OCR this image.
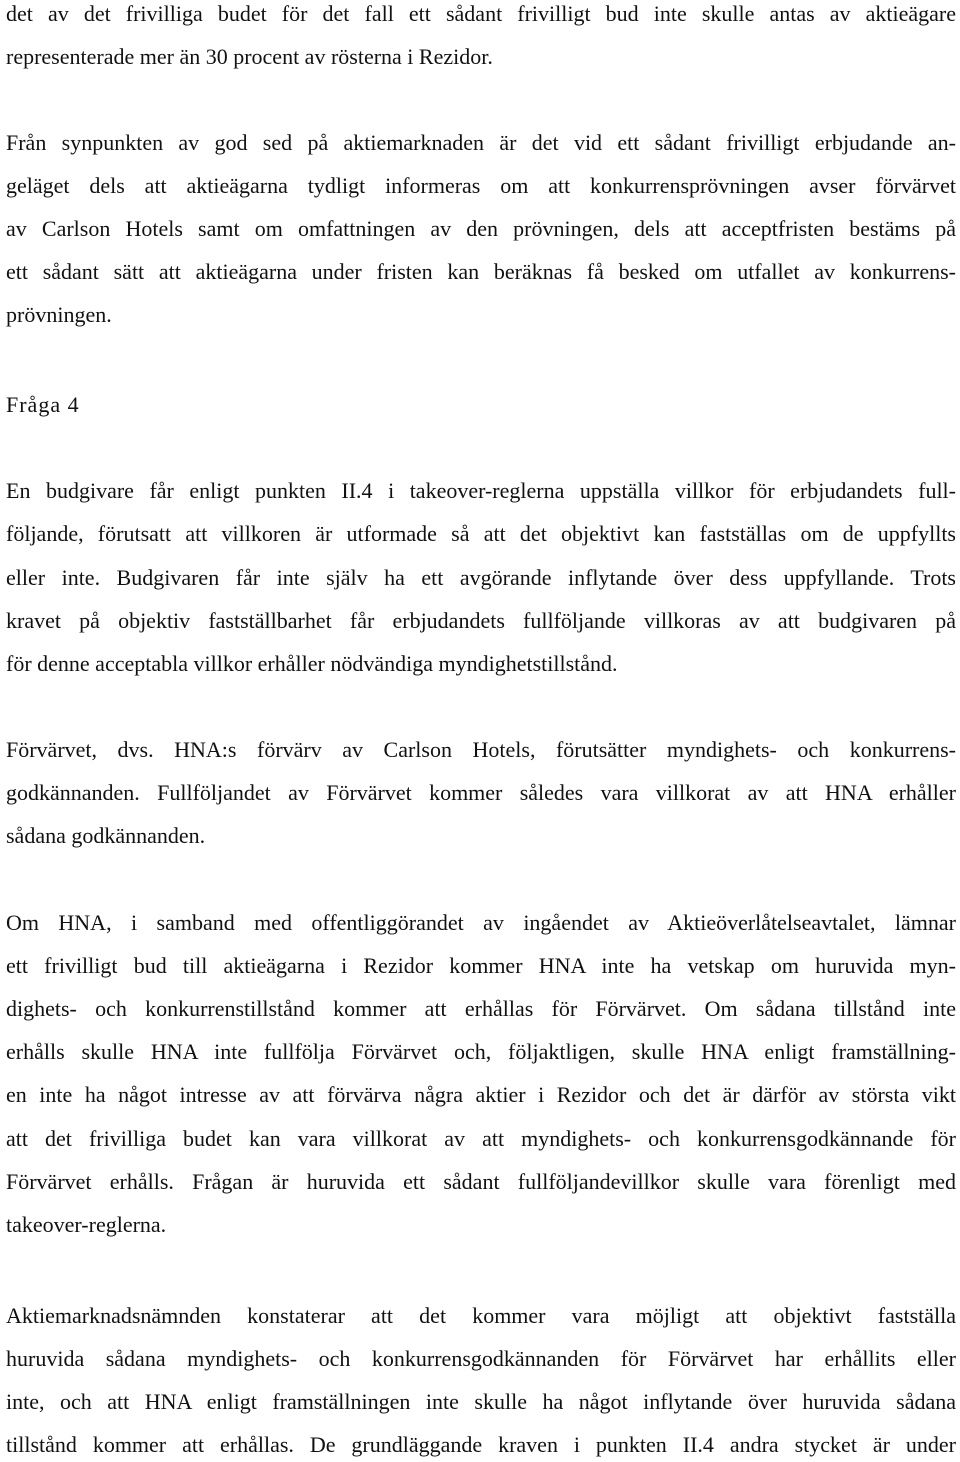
det av det frivilliga budet för det fall ett sådant frivilligt bud inte skulle antas av aktieägare
representerade mer än 30 procent av rösterna i Rezidor.
Från synpunkten av god sed på aktiemarknaden är det vid ett sådant frivilligt erbjudande an-
geläget dels att aktieägarna tydligt informeras om att konkurrensprövningen avser förvärvet
av Carlson Hotels samt om omfattningen av den prövningen, dels att acceptfristen bestäms på
ett sådant sätt att aktieägarna under fristen kan beräknas få besked om utfallet av konkurrens-
prövningen.
Fråga 4
En budgivare får enligt punkten II.4 i takeover-reglerna uppställa villkor för erbjudandets full-
följande, förutsatt att villkoren är utformade så att det objektivt kan fastställas om de uppfyllts
eller inte. Budgivaren får inte själv ha ett avgörande inflytande över dess uppfyllande. Trots
kravet på objektiv fastställbarhet får erbjudandets fullföljande villkoras av att budgivaren på
för denne acceptabla villkor erhåller nödvändiga myndighetstillstånd.
Förvärvet, dvs. HNA:s förvärv av Carlson Hotels, förutsätter myndighets- och konkurrens-
godkännanden. Fullföljandet av Förvärvet kommer således vara villkorat av att HNA erhåller
sådana godkännanden.
Om HNA, i samband med offentliggörandet av ingåendet av Aktieöverlåtelseavtalet, lämnar
ett frivilligt bud till aktieägarna i Rezidor kommer HNA inte ha vetskap om huruvida myn-
dighets- och konkurrenstillstånd kommer att erhållas för Förvärvet. Om sådana tillstånd inte
erhålls skulle HNA inte fullfölja Förvärvet och, följaktligen, skulle HNA enligt framställning-
en inte ha något intresse av att förvärva några aktier i Rezidor och det är därför av största vikt
att det frivilliga budet kan vara villkorat av att myndighets- och konkurrensgodkännande för
Förvärvet erhålls. Frågan är huruvida ett sådant fullföljandevillkor skulle vara förenligt med
takeover-reglerna.
Aktiemarknadsnämnden konstaterar att det kommer vara möjligt att objektivt fastställa
huruvida sådana myndighets- och konkurrensgodkännanden för Förvärvet har erhållits eller
inte, och att HNA enligt framställningen inte skulle ha något inflytande över huruvida sådana
tillstånd kommer att erhållas. De grundläggande kraven i punkten II.4 andra stycket är under
